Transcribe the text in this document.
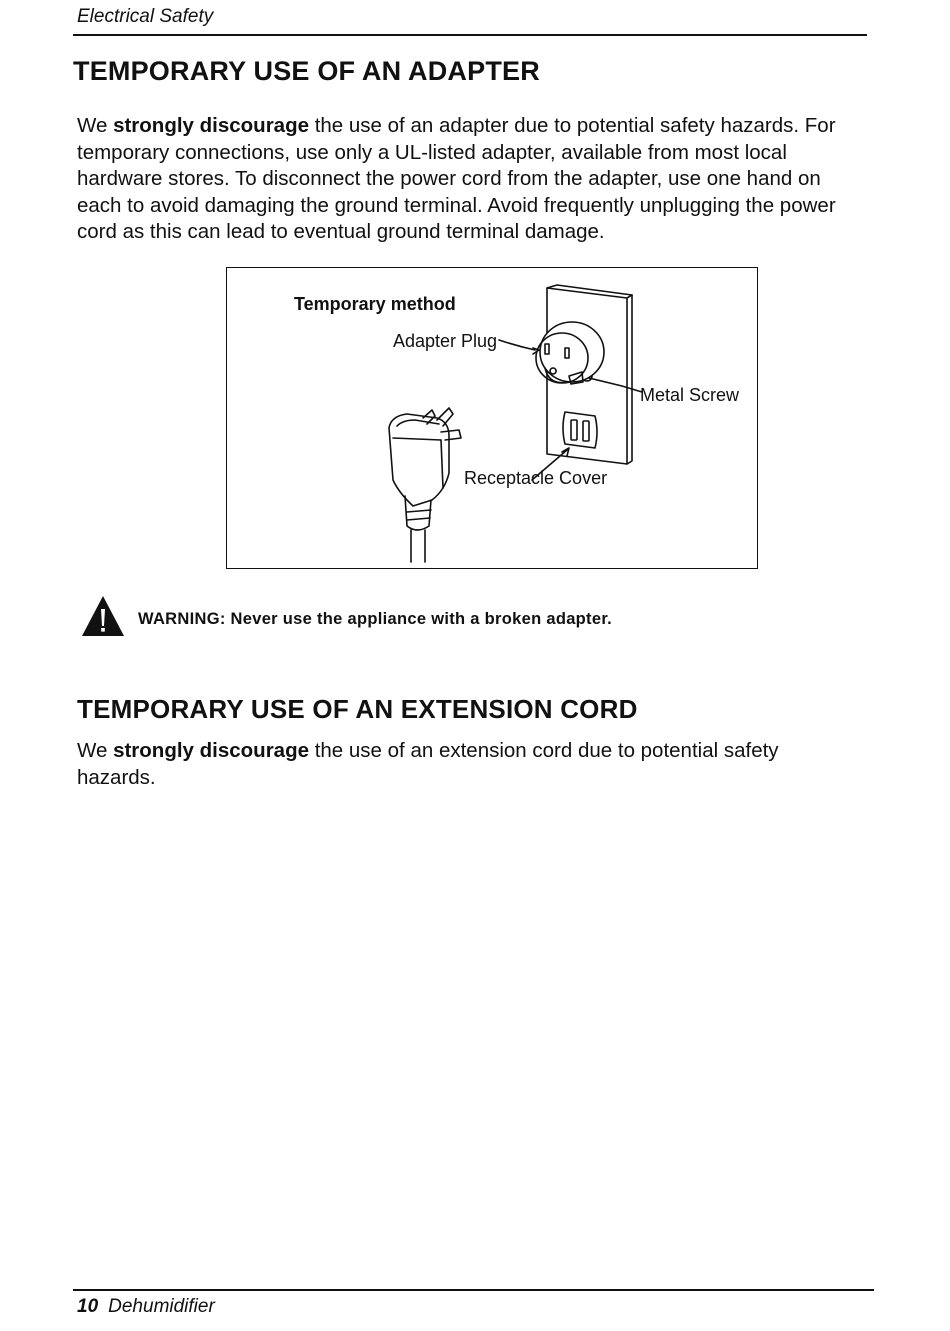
Electrical Safety
TEMPORARY USE OF AN ADAPTER

We strongly discourage the use of an adapter due to potential safety hazards. For temporary connections, use only a UL-listed adapter, available from most local hardware stores. To disconnect the power cord from the adapter, use one hand on each to avoid damaging the ground terminal. Avoid frequently unplugging the power cord as this can lead to eventual ground terminal damage.

Temporary method
Adapter Plug
Metal Screw
Receptacle Cover
WARNING: Never use the appliance with a broken adapter.
TEMPORARY USE OF AN EXTENSION CORD

We strongly discourage the use of an extension cord due to potential safety hazards.

10 Dehumidifier
